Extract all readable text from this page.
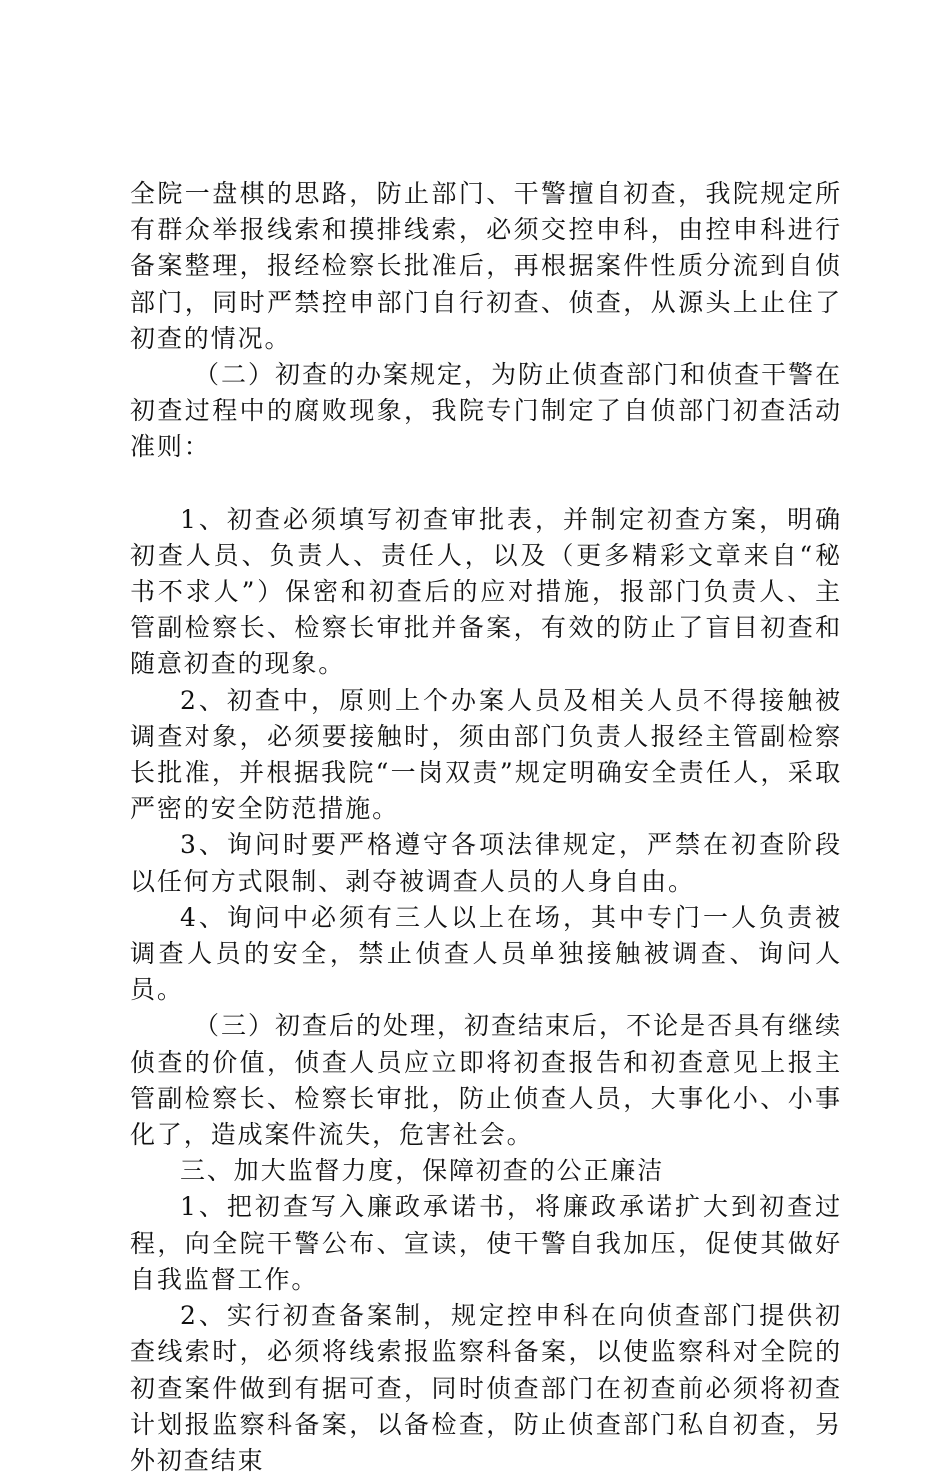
全院一盘棋的思路，防止部门、干警擅自初查，我院规定所有群众举报线索和摸排线索，必须交控申科，由控申科进行备案整理，报经检察长批准后，再根据案件性质分流到自侦部门，同时严禁控申部门自行初查、侦查，从源头上止住了初查的情况。

（二）初查的办案规定，为防止侦查部门和侦查干警在初查过程中的腐败现象，我院专门制定了自侦部门初查活动准则：

1、初查必须填写初查审批表，并制定初查方案，明确初查人员、负责人、责任人，以及（更多精彩文章来自“秘书不求人”）保密和初查后的应对措施，报部门负责人、主管副检察长、检察长审批并备案，有效的防止了盲目初查和随意初查的现象。

2、初查中，原则上个办案人员及相关人员不得接触被调查对象，必须要接触时，须由部门负责人报经主管副检察长批准，并根据我院“一岗双责”规定明确安全责任人，采取严密的安全防范措施。

3、询问时要严格遵守各项法律规定，严禁在初查阶段以任何方式限制、剥夺被调查人员的人身自由。

4、询问中必须有三人以上在场，其中专门一人负责被调查人员的安全，禁止侦查人员单独接触被调查、询问人员。

（三）初查后的处理，初查结束后，不论是否具有继续侦查的价值，侦查人员应立即将初查报告和初查意见上报主管副检察长、检察长审批，防止侦查人员，大事化小、小事化了，造成案件流失，危害社会。

三、加大监督力度，保障初查的公正廉洁

1、把初查写入廉政承诺书，将廉政承诺扩大到初查过程，向全院干警公布、宣读，使干警自我加压，促使其做好自我监督工作。

2、实行初查备案制，规定控申科在向侦查部门提供初查线索时，必须将线索报监察科备案，以使监察科对全院的初查案件做到有据可查，同时侦查部门在初查前必须将初查计划报监察科备案，以备检查，防止侦查部门私自初查，另外初查结束
